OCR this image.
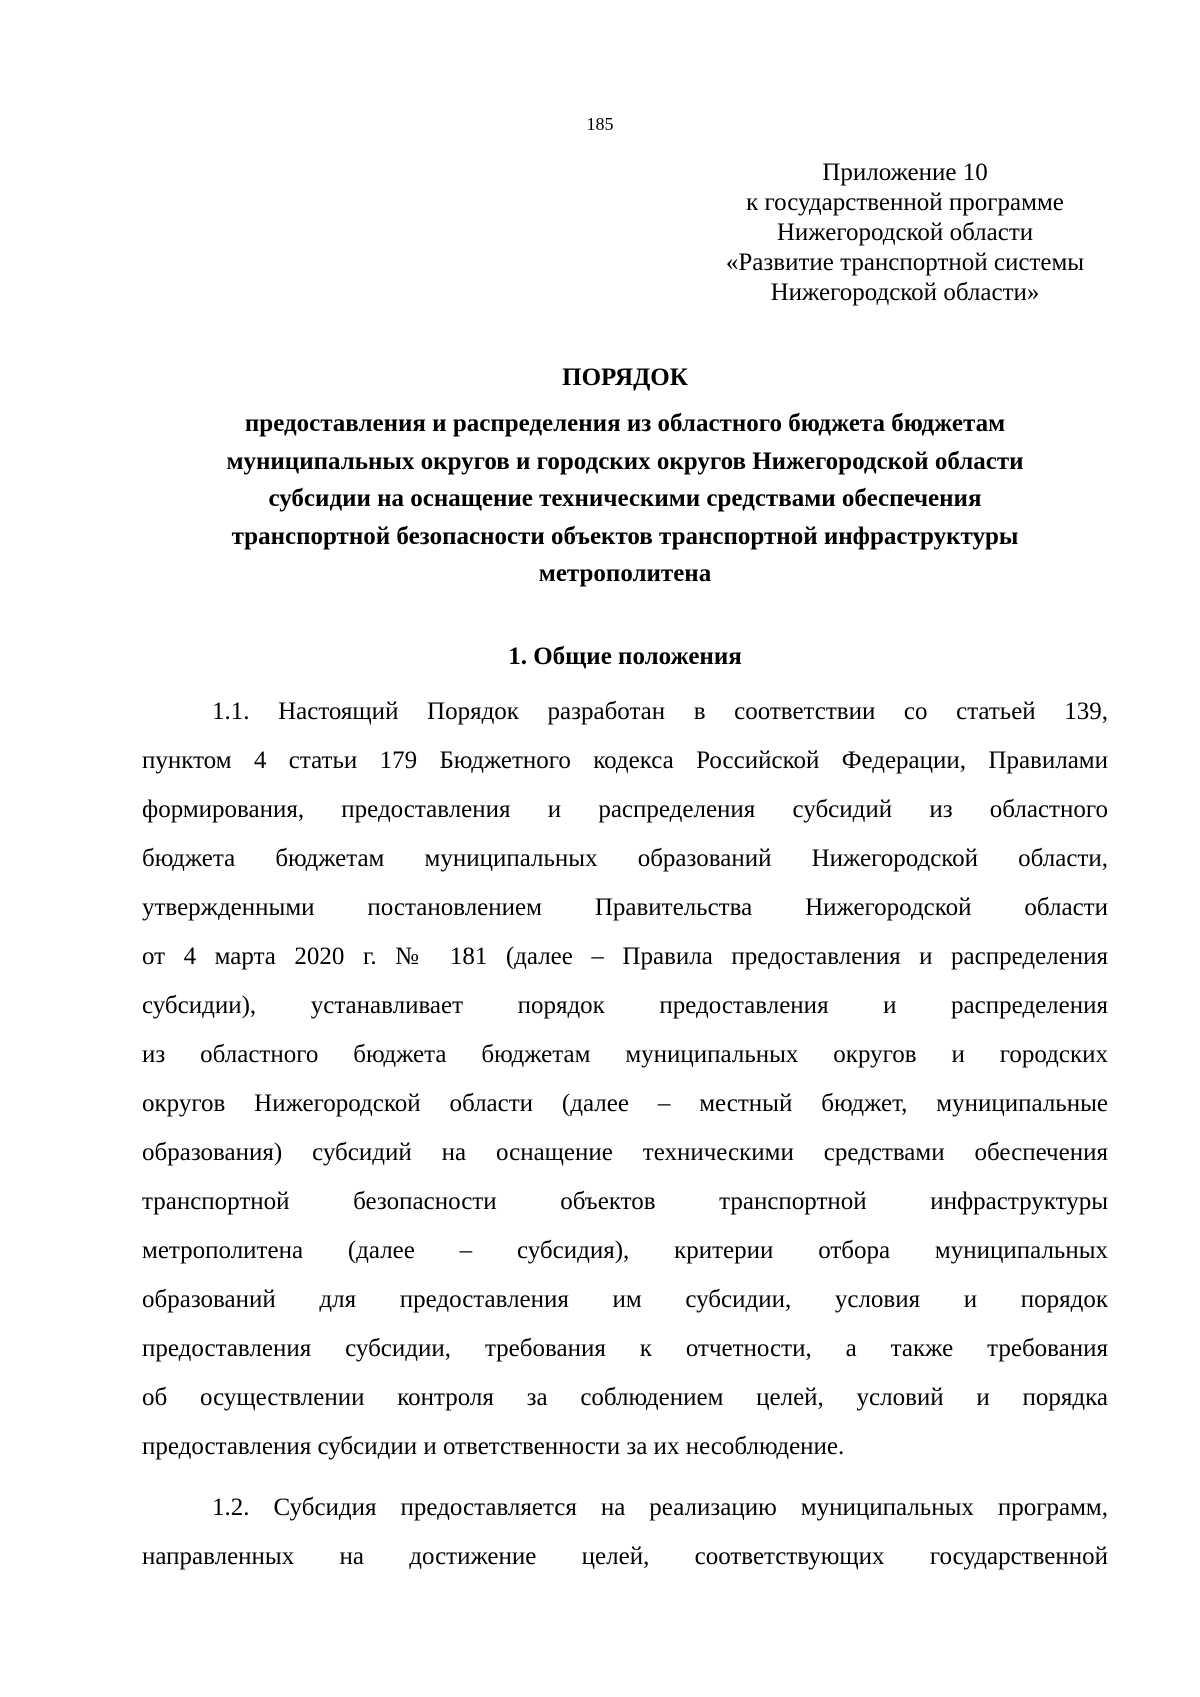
185
Приложение 10
к государственной программе
Нижегородской области
«Развитие транспортной системы
Нижегородской области»
ПОРЯДОК
предоставления и распределения из областного бюджета бюджетам
муниципальных округов и городских округов Нижегородской области
субсидии на оснащение техническими средствами обеспечения
транспортной безопасности объектов транспортной инфраструктуры
метрополитена
1. Общие положения
1.1. Настоящий Порядок разработан в соответствии со статьей 139,
пунктом 4 статьи 179 Бюджетного кодекса Российской Федерации, Правилами
формирования, предоставления и распределения субсидий из областного
бюджета бюджетам муниципальных образований Нижегородской области,
утвержденными постановлением Правительства Нижегородской области
от 4 марта 2020 г. № 181 (далее – Правила предоставления и распределения
субсидии), устанавливает порядок предоставления и распределения
из областного бюджета бюджетам муниципальных округов и городских
округов Нижегородской области (далее – местный бюджет, муниципальные
образования) субсидий на оснащение техническими средствами обеспечения
транспортной безопасности объектов транспортной инфраструктуры
метрополитена (далее – субсидия), критерии отбора муниципальных
образований для предоставления им субсидии, условия и порядок
предоставления субсидии, требования к отчетности, а также требования
об осуществлении контроля за соблюдением целей, условий и порядка
предоставления субсидии и ответственности за их несоблюдение.
1.2. Субсидия предоставляется на реализацию муниципальных программ,
направленных на достижение целей, соответствующих государственной
